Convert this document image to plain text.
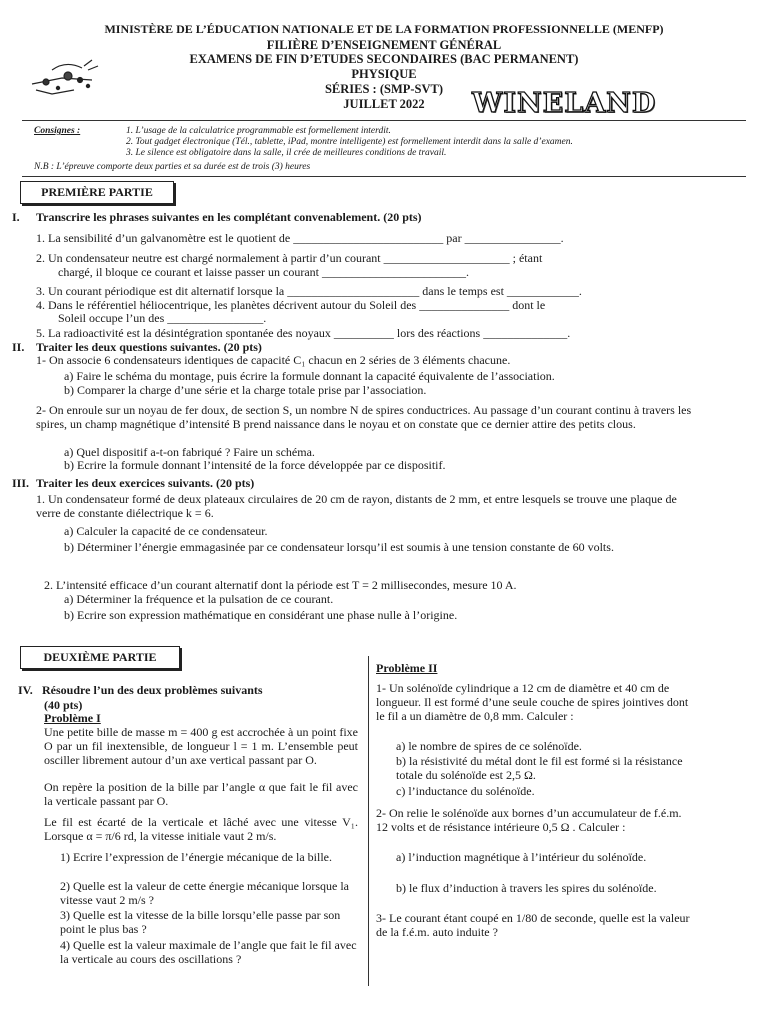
MINISTÈRE DE L’ÉDUCATION NATIONALE ET DE LA FORMATION PROFESSIONNELLE (MENFP)
FILIÈRE D’ENSEIGNEMENT GÉNÉRAL
EXAMENS DE FIN D’ETUDES SECONDAIRES (BAC PERMANENT)
PHYSIQUE
SÉRIES : (SMP-SVT)
JUILLET 2022	WINELAND
Consignes :	1. L’usage de la calculatrice programmable est formellement interdit.
2. Tout gadget électronique (Tél., tablette, iPad, montre intelligente) est formellement interdit dans la salle d’examen.
3. Le silence est obligatoire dans la salle, il crée de meilleures conditions de travail.
N.B : L’épreuve comporte deux parties et sa durée est de trois (3) heures
PREMIÈRE PARTIE
I. Transcrire les phrases suivantes en les complétant convenablement. (20 pts)
1. La sensibilité d’un galvanomètre est le quotient de _________________________ par ________________.
2. Un condensateur neutre est chargé normalement à partir d’un courant _____________________ ; étant
chargé, il bloque ce courant et laisse passer un courant ________________________.
3. Un courant périodique est dit alternatif lorsque la ______________________ dans le temps est ____________.
4. Dans le référentiel héliocentrique, les planètes décrivent autour du Soleil des _______________ dont le
Soleil occupe l’un des ________________.
5. La radioactivité est la désintégration spontanée des noyaux __________ lors des réactions ______________.
II. Traiter les deux questions suivantes. (20 pts)
1- On associe 6 condensateurs identiques de capacité C₁ chacun en 2 séries de 3 éléments chacune.
a) Faire le schéma du montage, puis écrire la formule donnant la capacité équivalente de l’association.
b) Comparer la charge d’une série et la charge totale prise par l’association.
2- On enroule sur un noyau de fer doux, de section S, un nombre N de spires conductrices. Au passage d’un courant continu à travers les spires, un champ magnétique d’intensité B prend naissance dans le noyau et on constate que ce dernier attire des petits clous.
a) Quel dispositif a-t-on fabriqué ? Faire un schéma.
b) Ecrire la formule donnant l’intensité de la force développée par ce dispositif.
III. Traiter les deux exercices suivants. (20 pts)
1. Un condensateur formé de deux plateaux circulaires de 20 cm de rayon, distants de 2 mm, et entre lesquels se trouve une plaque de verre de constante diélectrique k = 6.
a) Calculer la capacité de ce condensateur.
b) Déterminer l’énergie emmagasinée par ce condensateur lorsqu’il est soumis à une tension constante de 60 volts.
2. L’intensité efficace d’un courant alternatif dont la période est T = 2 millisecondes, mesure 10 A.
a) Déterminer la fréquence et la pulsation de ce courant.
b) Ecrire son expression mathématique en considérant une phase nulle à l’origine.
DEUXIÈME PARTIE
IV. Résoudre l’un des deux problèmes suivants
(40 pts)
Problème I
Une petite bille de masse m = 400 g est accrochée à un point fixe O par un fil inextensible, de longueur l = 1 m. L’ensemble peut osciller librement autour d’un axe vertical passant par O.
On repère la position de la bille par l’angle α que fait le fil avec la verticale passant par O.
Le fil est écarté de la verticale et lâché avec une vitesse V₁. Lorsque α = π/6 rd, la vitesse initiale vaut 2 m/s.
1) Ecrire l’expression de l’énergie mécanique de la bille.
2) Quelle est la valeur de cette énergie mécanique lorsque la vitesse vaut 2 m/s ?
3) Quelle est la vitesse de la bille lorsqu’elle passe par son point le plus bas ?
4) Quelle est la valeur maximale de l’angle que fait le fil avec la verticale au cours des oscillations ?
Problème II
1- Un solénoïde cylindrique a 12 cm de diamètre et 40 cm de longueur. Il est formé d’une seule couche de spires jointives dont le fil a un diamètre de 0,8 mm. Calculer :
a) le nombre de spires de ce solénoïde.
b) la résistivité du métal dont le fil est formé si la résistance totale du solénoïde est 2,5 Ω.
c) l’inductance du solénoïde.
2- On relie le solénoïde aux bornes d’un accumulateur de f.é.m. 12 volts et de résistance intérieure 0,5 Ω . Calculer :
a) l’induction magnétique à l’intérieur du solénoïde.
b) le flux d’induction à travers les spires du solénoïde.
3- Le courant étant coupé en 1/80 de seconde, quelle est la valeur de la f.é.m. auto induite ?
